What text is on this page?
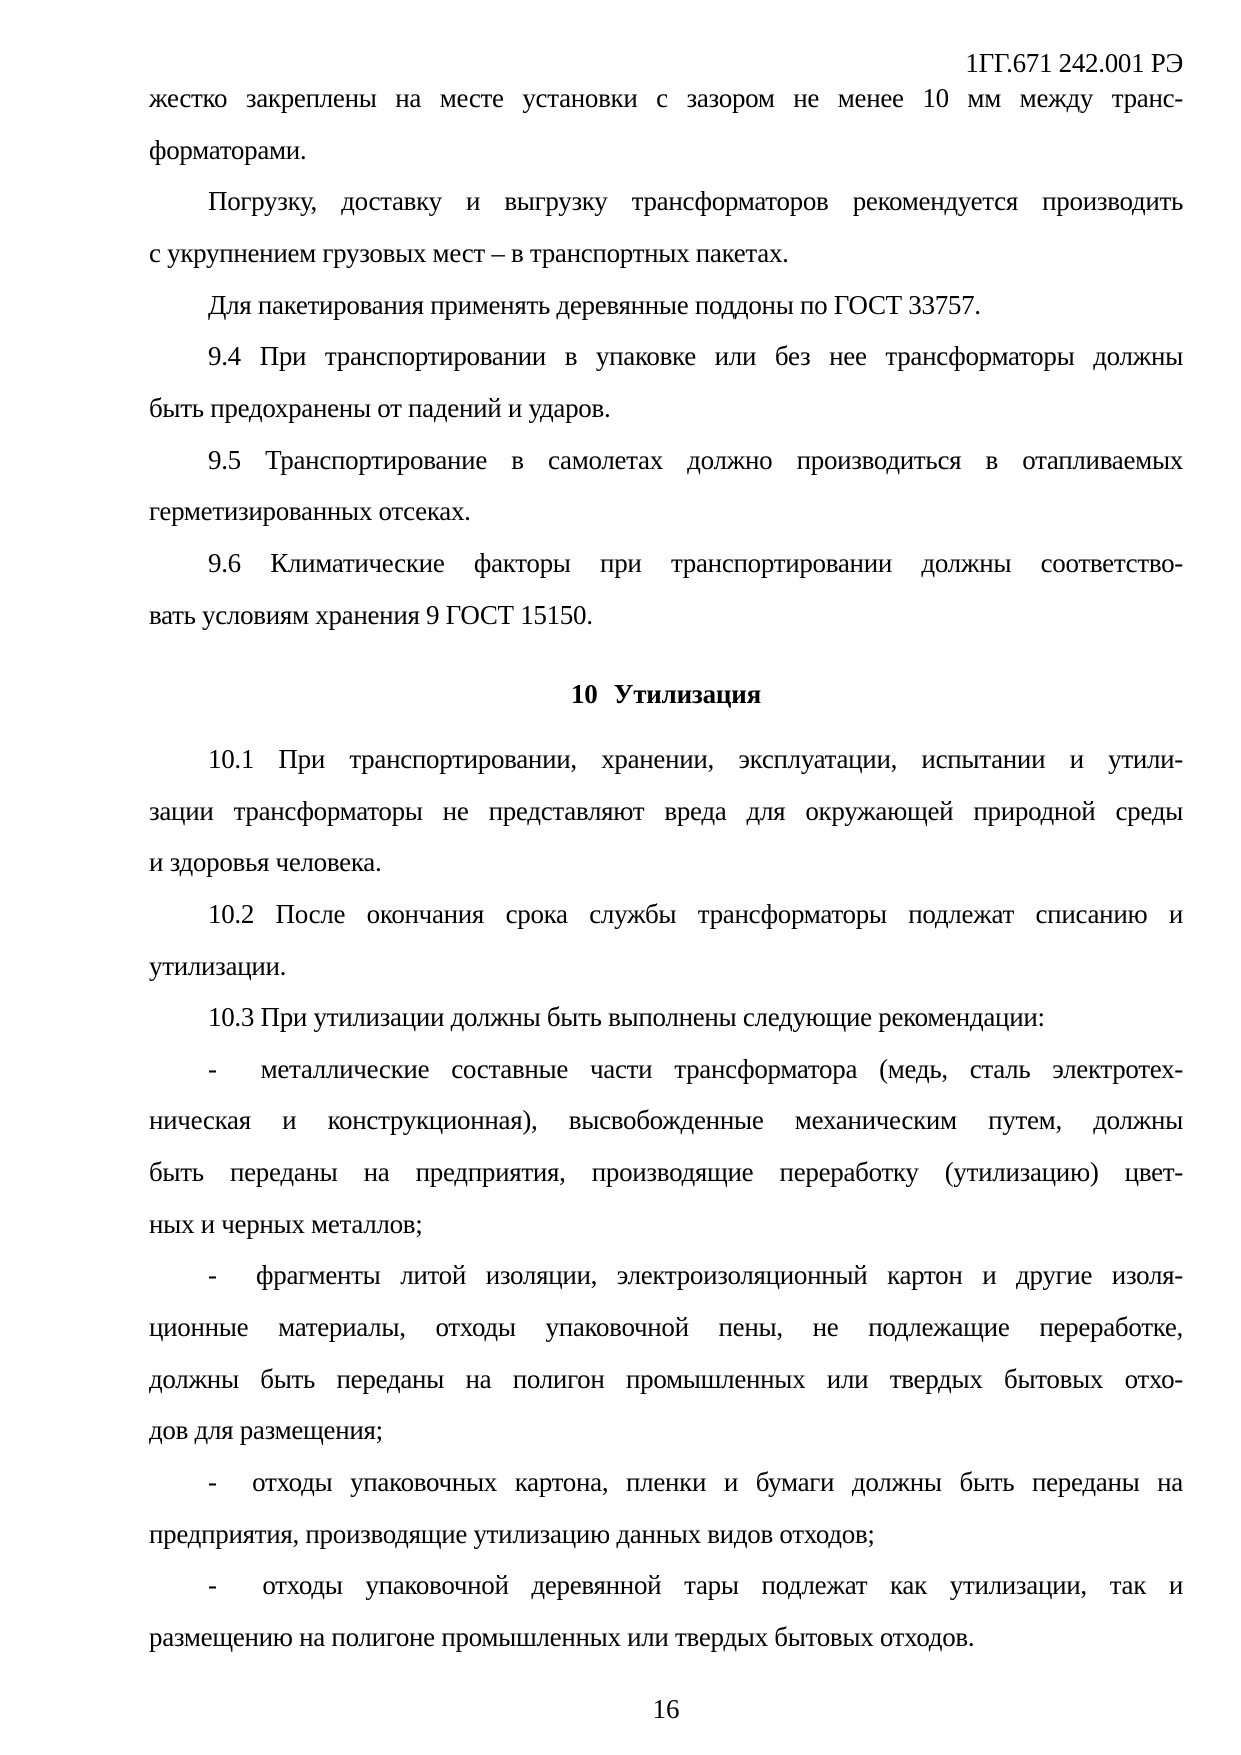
1ГГ.671 242.001 РЭ

жестко закреплены на месте установки с зазором не менее 10 мм между транс-

форматорами.

Погрузку, доставку и выгрузку трансформаторов рекомендуется производить

с укрупнением грузовых мест – в транспортных пакетах.

Для пакетирования применять деревянные поддоны по ГОСТ 33757.

9.4 При транспортировании в упаковке или без нее трансформаторы должны

быть предохранены от падений и ударов.

9.5 Транспортирование в самолетах должно производиться в отапливаемых

герметизированных отсеках.

9.6 Климатические факторы при транспортировании должны соответство-

вать условиям хранения 9 ГОСТ 15150.

10 Утилизация

10.1 При транспортировании, хранении, эксплуатации, испытании и утили-

зации трансформаторы не представляют вреда для окружающей природной среды

и здоровья человека.

10.2 После окончания срока службы трансформаторы подлежат списанию и

утилизации.

10.3 При утилизации должны быть выполнены следующие рекомендации:

-  металлические составные части трансформатора (медь, сталь электротех-

ническая и конструкционная), высвобожденные механическим путем, должны

быть переданы на предприятия, производящие переработку (утилизацию) цвет-

ных и черных металлов;

-  фрагменты литой изоляции, электроизоляционный картон и другие изоля-

ционные материалы, отходы упаковочной пены, не подлежащие переработке,

должны быть переданы на полигон промышленных или твердых бытовых отхо-

дов для размещения;

-  отходы упаковочных картона, пленки и бумаги должны быть переданы на

предприятия, производящие утилизацию данных видов отходов;

-  отходы упаковочной деревянной тары подлежат как утилизации, так и

размещению на полигоне промышленных или твердых бытовых отходов.

16
